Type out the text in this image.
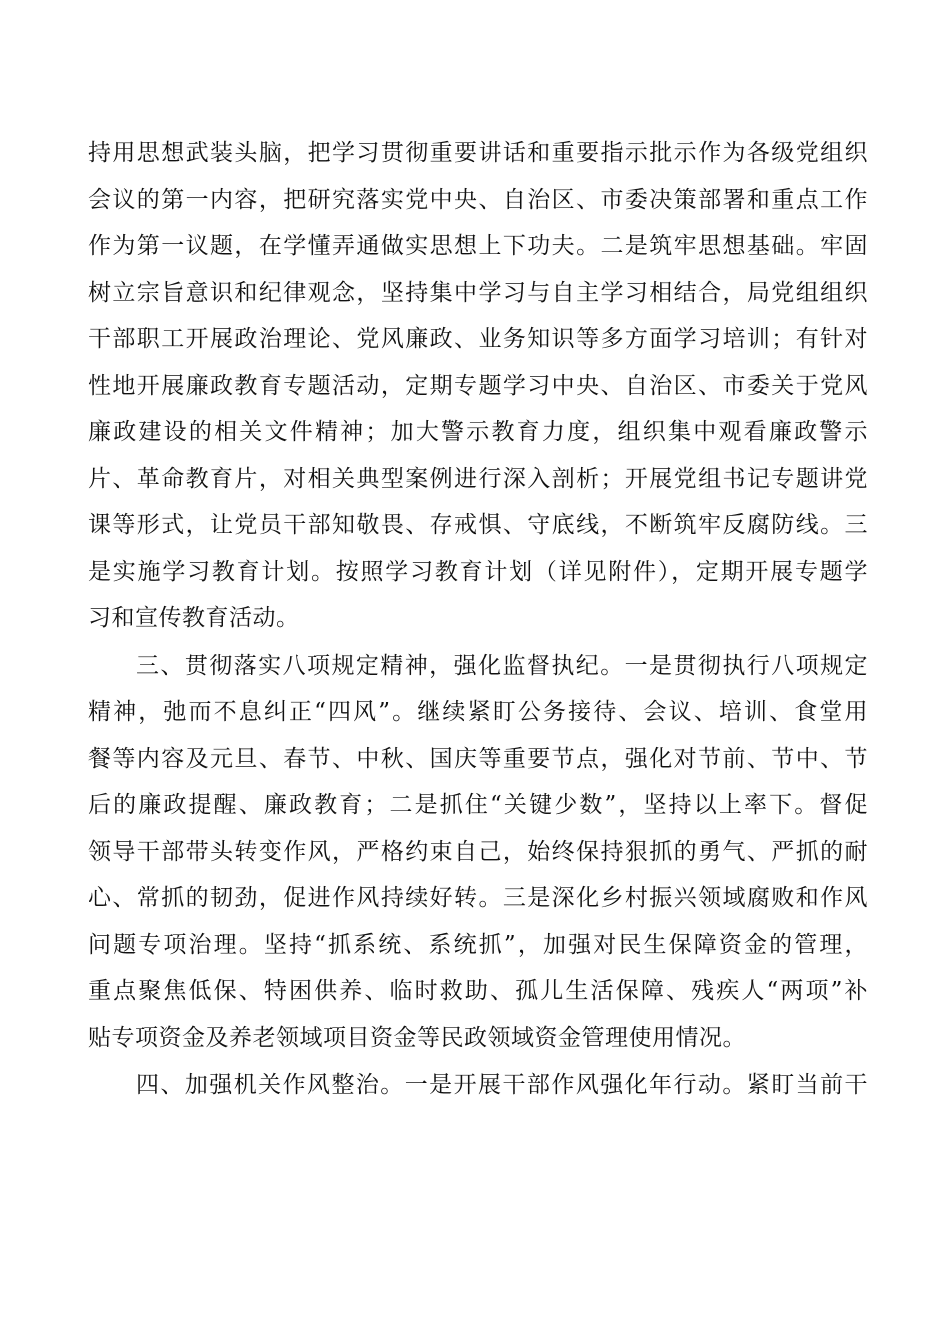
持用思想武装头脑，把学习贯彻重要讲话和重要指示批示作为各级党组织
会议的第一内容，把研究落实党中央、自治区、市委决策部署和重点工作
作为第一议题，在学懂弄通做实思想上下功夫。二是筑牢思想基础。牢固
树立宗旨意识和纪律观念，坚持集中学习与自主学习相结合，局党组组织
干部职工开展政治理论、党风廉政、业务知识等多方面学习培训；有针对
性地开展廉政教育专题活动，定期专题学习中央、自治区、市委关于党风
廉政建设的相关文件精神；加大警示教育力度，组织集中观看廉政警示
片、革命教育片，对相关典型案例进行深入剖析；开展党组书记专题讲党
课等形式，让党员干部知敬畏、存戒惧、守底线，不断筑牢反腐防线。三
是实施学习教育计划。按照学习教育计划（详见附件），定期开展专题学
习和宣传教育活动。
三、贯彻落实八项规定精神，强化监督执纪。一是贯彻执行八项规定
精神，弛而不息纠正“四风”。继续紧盯公务接待、会议、培训、食堂用
餐等内容及元旦、春节、中秋、国庆等重要节点，强化对节前、节中、节
后的廉政提醒、廉政教育；二是抓住“关键少数”，坚持以上率下。督促
领导干部带头转变作风，严格约束自己，始终保持狠抓的勇气、严抓的耐
心、常抓的韧劲，促进作风持续好转。三是深化乡村振兴领域腐败和作风
问题专项治理。坚持“抓系统、系统抓”，加强对民生保障资金的管理，
重点聚焦低保、特困供养、临时救助、孤儿生活保障、残疾人“两项”补
贴专项资金及养老领域项目资金等民政领域资金管理使用情况。
四、加强机关作风整治。一是开展干部作风强化年行动。紧盯当前干
